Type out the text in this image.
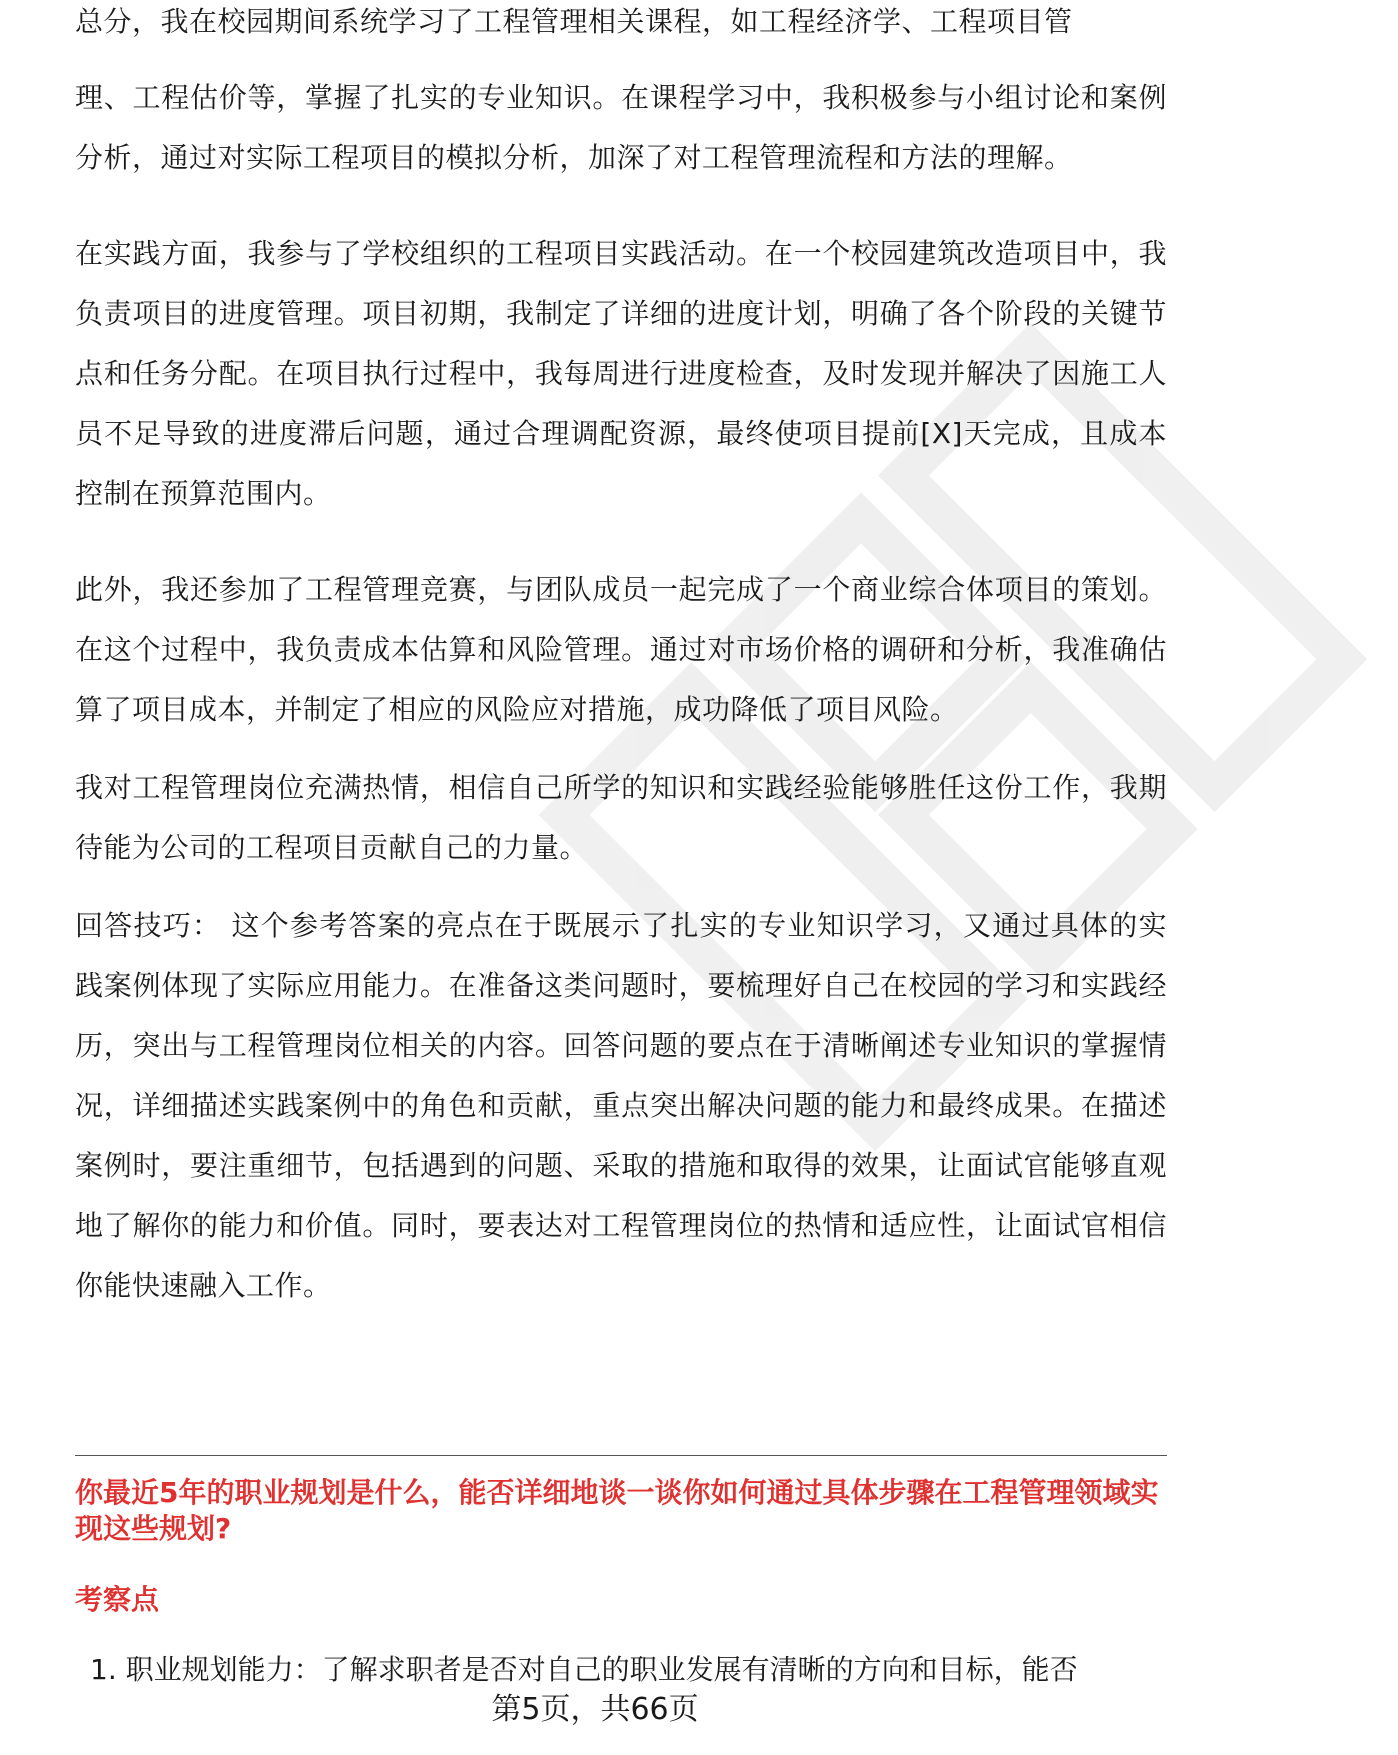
总分，我在校园期间系统学习了工程管理相关课程，如工程经济学、工程项目管

理、工程估价等，掌握了扎实的专业知识。在课程学习中，我积极参与小组讨论和案例分析，通过对实际工程项目的模拟分析，加深了对工程管理流程和方法的理解。

在实践方面，我参与了学校组织的工程项目实践活动。在一个校园建筑改造项目中，我负责项目的进度管理。项目初期，我制定了详细的进度计划，明确了各个阶段的关键节点和任务分配。在项目执行过程中，我每周进行进度检查，及时发现并解决了因施工人员不足导致的进度滞后问题，通过合理调配资源，最终使项目提前[X]天完成，且成本控制在预算范围内。

此外，我还参加了工程管理竞赛，与团队成员一起完成了一个商业综合体项目的策划。在这个过程中，我负责成本估算和风险管理。通过对市场价格的调研和分析，我准确估算了项目成本，并制定了相应的风险应对措施，成功降低了项目风险。

我对工程管理岗位充满热情，相信自己所学的知识和实践经验能够胜任这份工作，我期待能为公司的工程项目贡献自己的力量。

回答技巧： 这个参考答案的亮点在于既展示了扎实的专业知识学习，又通过具体的实践案例体现了实际应用能力。在准备这类问题时，要梳理好自己在校园的学习和实践经历，突出与工程管理岗位相关的内容。回答问题的要点在于清晰阐述专业知识的掌握情况，详细描述实践案例中的角色和贡献，重点突出解决问题的能力和最终成果。在描述案例时，要注重细节，包括遇到的问题、采取的措施和取得的效果，让面试官能够直观地了解你的能力和价值。同时，要表达对工程管理岗位的热情和适应性，让面试官相信你能快速融入工作。

你最近5年的职业规划是什么，能否详细地谈一谈你如何通过具体步骤在工程管理领域实现这些规划?

考察点

1. 职业规划能力：了解求职者是否对自己的职业发展有清晰的方向和目标，能否
第5页，共66页
